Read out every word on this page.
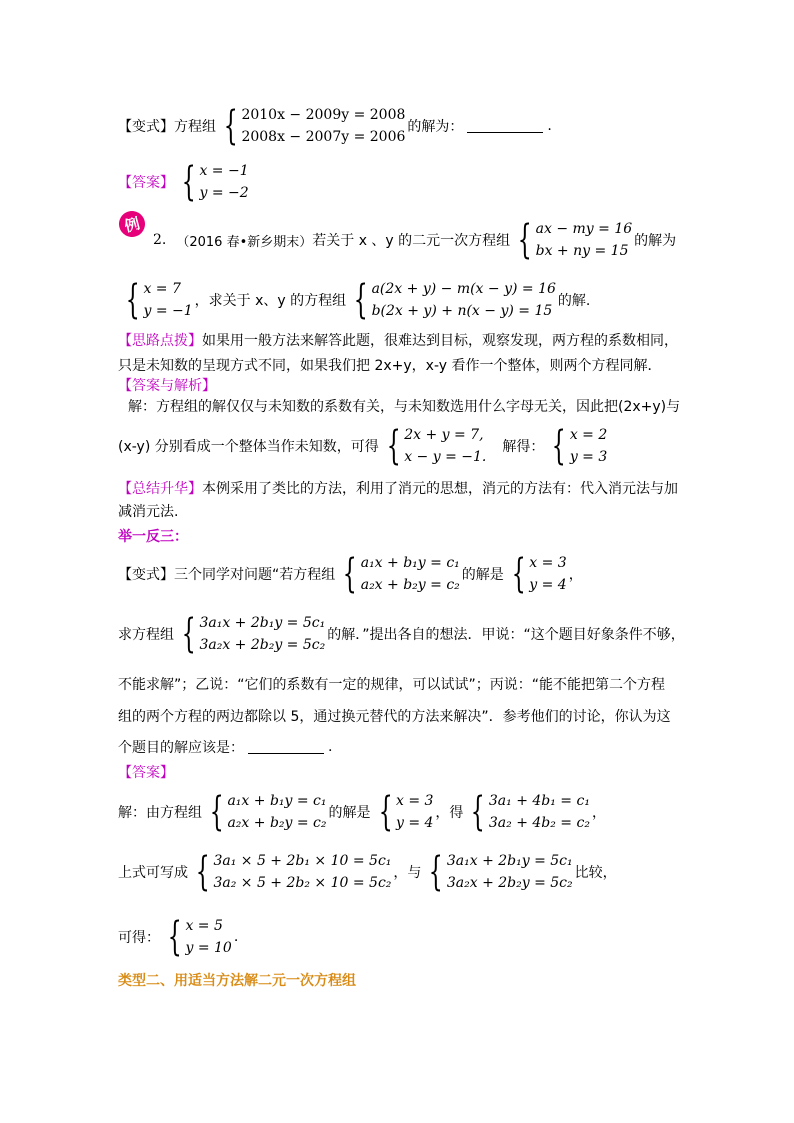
【变式】 方程组 { 2010x − 2009y = 2008
2008x − 2007y = 2006
的解为：	.
【答案】 { x = −1
y = −2
例
2. （2016 春•新乡期末） 若关于 x 、y 的二元一次方程组 { ax − my = 16
bx + ny = 15
的解为
{ x = 7
y = −1
，求关于 x、y 的方程组 { a(2x + y) − m(x − y) = 16
b(2x + y) + n(x − y) = 15
的解.
【思路点拨】 如果用一般方法来解答此题，很难达到目标，观察发现，两方程的系数相同，
只是未知数的呈现方式不同，如果我们把 2x+y，x-y 看作一个整体，则两个方程同解．
【答案与解析】
解：方程组的解仅仅与未知数的系数有关，与未知数选用什么字母无关，因此把(2x+y)与
(x-y) 分别看成一个整体当作未知数，可得 { 2x + y = 7,
x − y = −1.
解得： { x = 2
y = 3
【总结升华】 本例采用了类比的方法，利用了消元的思想，消元的方法有：代入消元法与加
减消元法.
举一反三：
【变式】 三个同学对问题“若方程组 { a₁x + b₁y = c₁
a₂x + b₂y = c₂
的解是 { x = 3
y = 4
，
求方程组 { 3a₁x + 2b₁y = 5c₁
3a₂x + 2b₂y = 5c₂
的解．”提出各自的想法．甲说：“这个题目好象条件不够，
不能求解”；乙说：“它们的系数有一定的规律，可以试试”；丙说：“能不能把第二个方程
组的两个方程的两边都除以 5，通过换元替代的方法来解决”．参考他们的讨论，你认为这
个题目的解应该是：	.
【答案】
解：由方程组 { a₁x + b₁y = c₁
a₂x + b₂y = c₂
的解是 { x = 3
y = 4
，得 { 3a₁ + 4b₁ = c₁
3a₂ + 4b₂ = c₂
，
上式可写成 { 3a₁ × 5 + 2b₁ × 10 = 5c₁
3a₂ × 5 + 2b₂ × 10 = 5c₂
，与 { 3a₁x + 2b₁y = 5c₁
3a₂x + 2b₂y = 5c₂
比较，
可得： { x = 5
y = 10
.
类型二、用适当方法解二元一次方程组
